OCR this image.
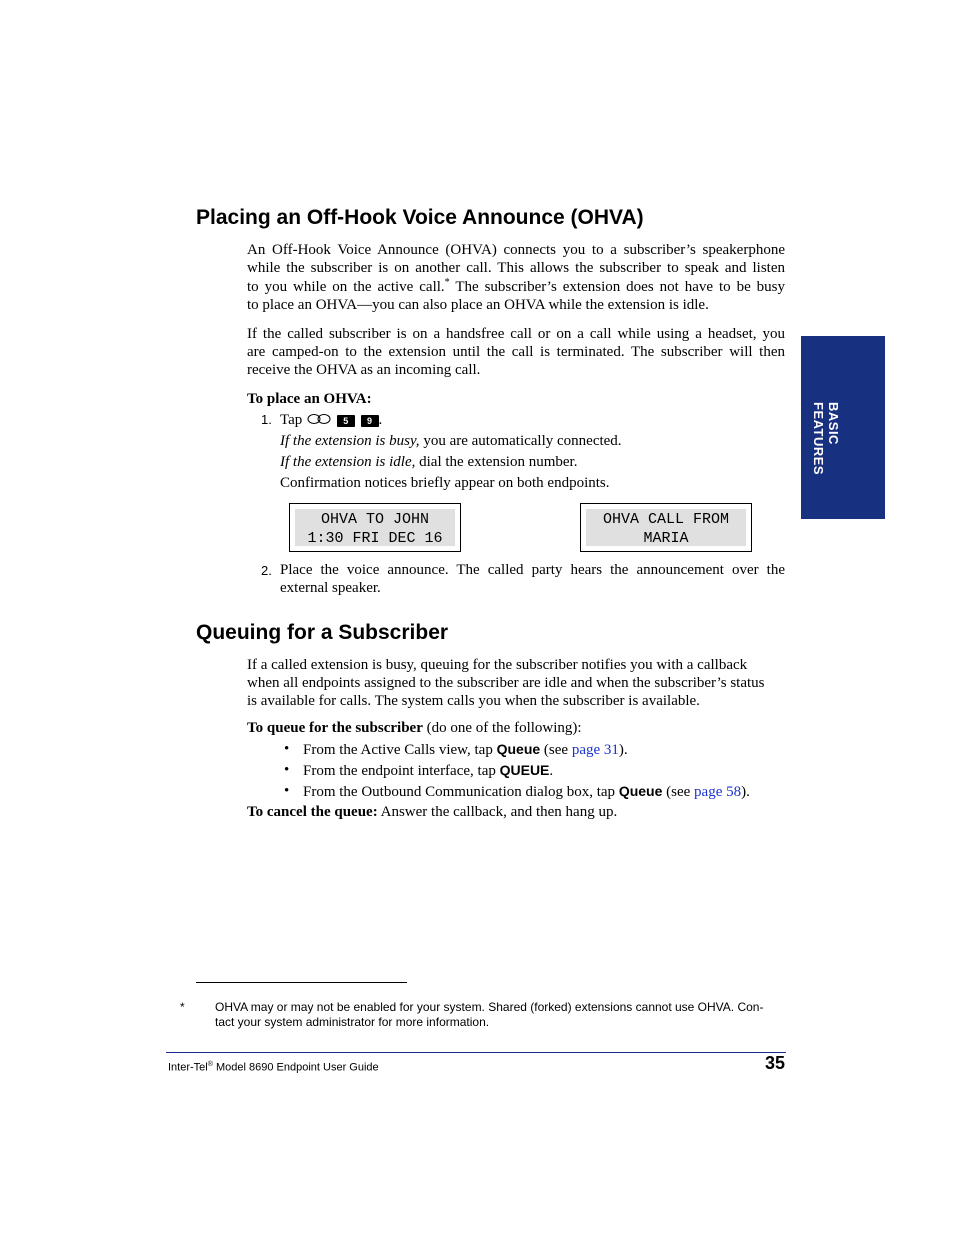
BASIC
FEATURES
Placing an Off-Hook Voice Announce (OHVA)
An Off-Hook Voice Announce (OHVA) connects you to a subscriber’s speakerphone
while the subscriber is on another call. This allows the subscriber to speak and listen
to you while on the active call.* The subscriber’s extension does not have to be busy
to place an OHVA—you can also place an OHVA while the extension is idle.
If the called subscriber is on a handsfree call or on a call while using a headset, you
are camped-on to the extension until the call is terminated. The subscriber will then
receive the OHVA as an incoming call.
To place an OHVA:
1. Tap	5 9 .
If the extension is busy, you are automatically connected.
If the extension is idle, dial the extension number.
Confirmation notices briefly appear on both endpoints.
OHVA TO JOHN
1:30 FRI DEC 16
OHVA CALL FROM
MARIA
2. Place the voice announce. The called party hears the announcement over the
external speaker.
Queuing for a Subscriber
If a called extension is busy, queuing for the subscriber notifies you with a callback
when all endpoints assigned to the subscriber are idle and when the subscriber’s status
is available for calls. The system calls you when the subscriber is available.
To queue for the subscriber (do one of the following):
• From the Active Calls view, tap Queue (see page 31).
• From the endpoint interface, tap QUEUE.
• From the Outbound Communication dialog box, tap Queue (see page 58).
To cancel the queue: Answer the callback, and then hang up.
*	OHVA may or may not be enabled for your system. Shared (forked) extensions cannot use OHVA. Con-
tact your system administrator for more information.
Inter-Tel® Model 8690 Endpoint User Guide	35
